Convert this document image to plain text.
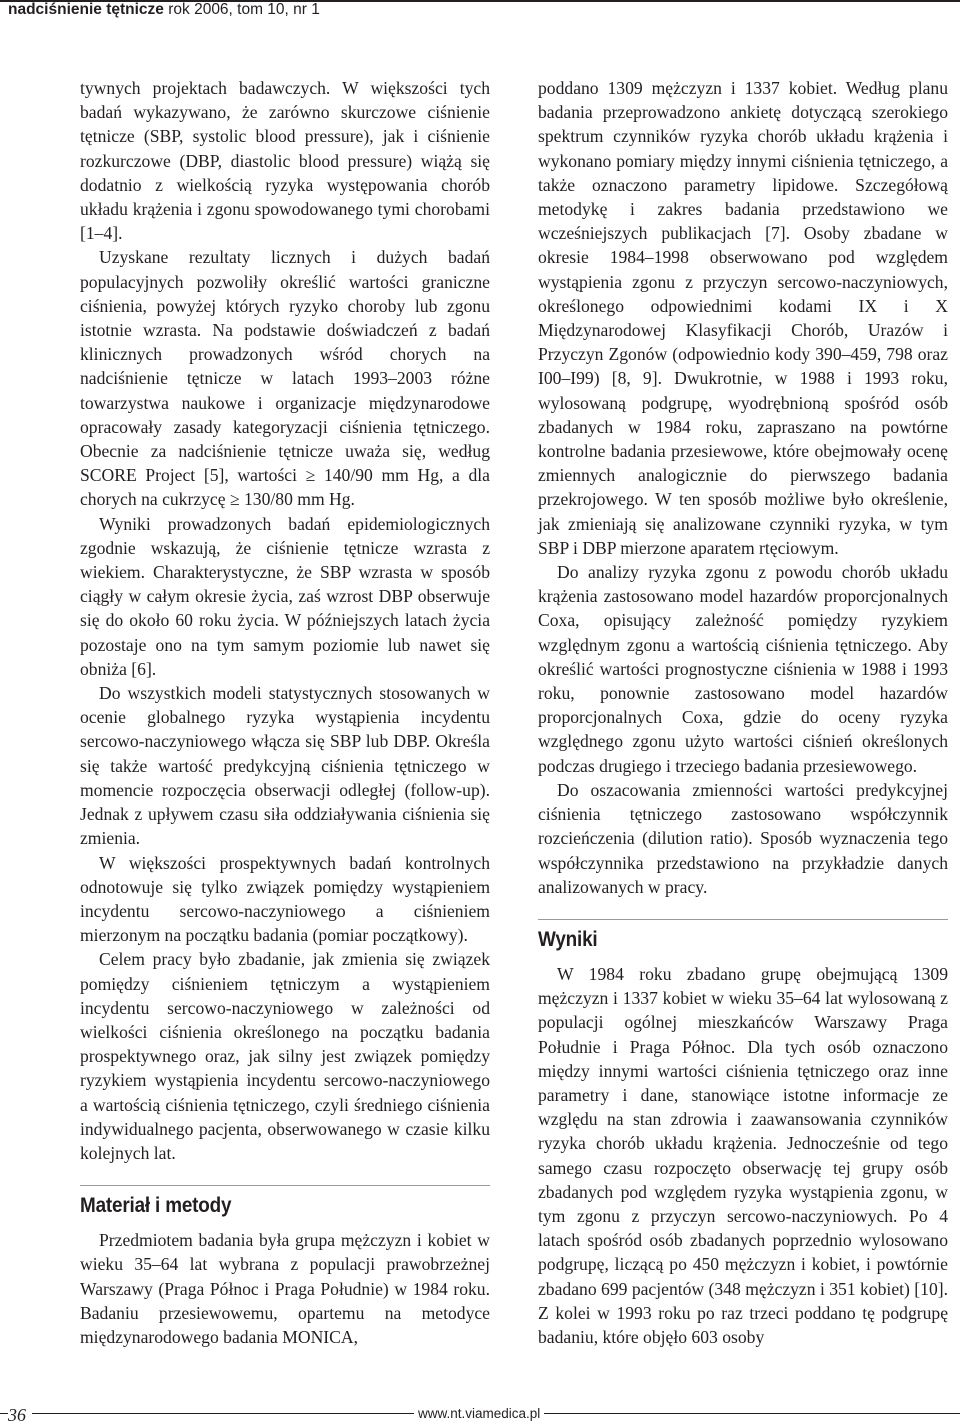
nadciśnienie tętnicze rok 2006, tom 10, nr 1

tywnych projektach badawczych. W większości tych badań wykazywano, że zarówno skurczowe ciśnienie tętnicze (SBP, systolic blood pressure), jak i ciśnienie rozkurczowe (DBP, diastolic blood pressure) wiążą się dodatnio z wielkością ryzyka występowania chorób układu krążenia i zgonu spowodowanego tymi chorobami [1–4].

Uzyskane rezultaty licznych i dużych badań populacyjnych pozwoliły określić wartości graniczne ciśnienia, powyżej których ryzyko choroby lub zgonu istotnie wzrasta. Na podstawie doświadczeń z badań klinicznych prowadzonych wśród chorych na nadciśnienie tętnicze w latach 1993–2003 różne towarzystwa naukowe i organizacje międzynarodowe opracowały zasady kategoryzacji ciśnienia tętniczego. Obecnie za nadciśnienie tętnicze uważa się, według SCORE Project [5], wartości ≥ 140/90 mm Hg, a dla chorych na cukrzycę ≥ 130/80 mm Hg.

Wyniki prowadzonych badań epidemiologicznych zgodnie wskazują, że ciśnienie tętnicze wzrasta z wiekiem. Charakterystyczne, że SBP wzrasta w sposób ciągły w całym okresie życia, zaś wzrost DBP obserwuje się do około 60 roku życia. W późniejszych latach życia pozostaje ono na tym samym poziomie lub nawet się obniża [6].

Do wszystkich modeli statystycznych stosowanych w ocenie globalnego ryzyka wystąpienia incydentu sercowo-naczyniowego włącza się SBP lub DBP. Określa się także wartość predykcyjną ciśnienia tętniczego w momencie rozpoczęcia obserwacji odległej (follow-up). Jednak z upływem czasu siła oddziaływania ciśnienia się zmienia.

W większości prospektywnych badań kontrolnych odnotowuje się tylko związek pomiędzy wystąpieniem incydentu sercowo-naczyniowego a ciśnieniem mierzonym na początku badania (pomiar początkowy).

Celem pracy było zbadanie, jak zmienia się związek pomiędzy ciśnieniem tętniczym a wystąpieniem incydentu sercowo-naczyniowego w zależności od wielkości ciśnienia określonego na początku badania prospektywnego oraz, jak silny jest związek pomiędzy ryzykiem wystąpienia incydentu sercowo-naczyniowego a wartością ciśnienia tętniczego, czyli średniego ciśnienia indywidualnego pacjenta, obserwowanego w czasie kilku kolejnych lat.

Materiał i metody

Przedmiotem badania była grupa mężczyzn i kobiet w wieku 35–64 lat wybrana z populacji prawobrzeżnej Warszawy (Praga Północ i Praga Południe) w 1984 roku. Badaniu przesiewowemu, opartemu na metodyce międzynarodowego badania MONICA,

poddano 1309 mężczyzn i 1337 kobiet. Według planu badania przeprowadzono ankietę dotyczącą szerokiego spektrum czynników ryzyka chorób układu krążenia i wykonano pomiary między innymi ciśnienia tętniczego, a także oznaczono parametry lipidowe. Szczegółową metodykę i zakres badania przedstawiono we wcześniejszych publikacjach [7]. Osoby zbadane w okresie 1984–1998 obserwowano pod względem wystąpienia zgonu z przyczyn sercowo-naczyniowych, określonego odpowiednimi kodami IX i X Międzynarodowej Klasyfikacji Chorób, Urazów i Przyczyn Zgonów (odpowiednio kody 390–459, 798 oraz I00–I99) [8, 9]. Dwukrotnie, w 1988 i 1993 roku, wylosowaną podgrupę, wyodrębnioną spośród osób zbadanych w 1984 roku, zapraszano na powtórne kontrolne badania przesiewowe, które obejmowały ocenę zmiennych analogicznie do pierwszego badania przekrojowego. W ten sposób możliwe było określenie, jak zmieniają się analizowane czynniki ryzyka, w tym SBP i DBP mierzone aparatem rtęciowym.

Do analizy ryzyka zgonu z powodu chorób układu krążenia zastosowano model hazardów proporcjonalnych Coxa, opisujący zależność pomiędzy ryzykiem względnym zgonu a wartością ciśnienia tętniczego. Aby określić wartości prognostyczne ciśnienia w 1988 i 1993 roku, ponownie zastosowano model hazardów proporcjonalnych Coxa, gdzie do oceny ryzyka względnego zgonu użyto wartości ciśnień określonych podczas drugiego i trzeciego badania przesiewowego.

Do oszacowania zmienności wartości predykcyjnej ciśnienia tętniczego zastosowano współczynnik rozcieńczenia (dilution ratio). Sposób wyznaczenia tego współczynnika przedstawiono na przykładzie danych analizowanych w pracy.

Wyniki

W 1984 roku zbadano grupę obejmującą 1309 mężczyzn i 1337 kobiet w wieku 35–64 lat wylosowaną z populacji ogólnej mieszkańców Warszawy Praga Południe i Praga Północ. Dla tych osób oznaczono między innymi wartości ciśnienia tętniczego oraz inne parametry i dane, stanowiące istotne informacje ze względu na stan zdrowia i zaawansowania czynników ryzyka chorób układu krążenia. Jednocześnie od tego samego czasu rozpoczęto obserwację tej grupy osób zbadanych pod względem ryzyka wystąpienia zgonu, w tym zgonu z przyczyn sercowo-naczyniowych. Po 4 latach spośród osób zbadanych poprzednio wylosowano podgrupę, liczącą po 450 mężczyzn i kobiet, i powtórnie zbadano 699 pacjentów (348 mężczyzn i 351 kobiet) [10]. Z kolei w 1993 roku po raz trzeci poddano tę podgrupę badaniu, które objęło 603 osoby

36	www.nt.viamedica.pl
